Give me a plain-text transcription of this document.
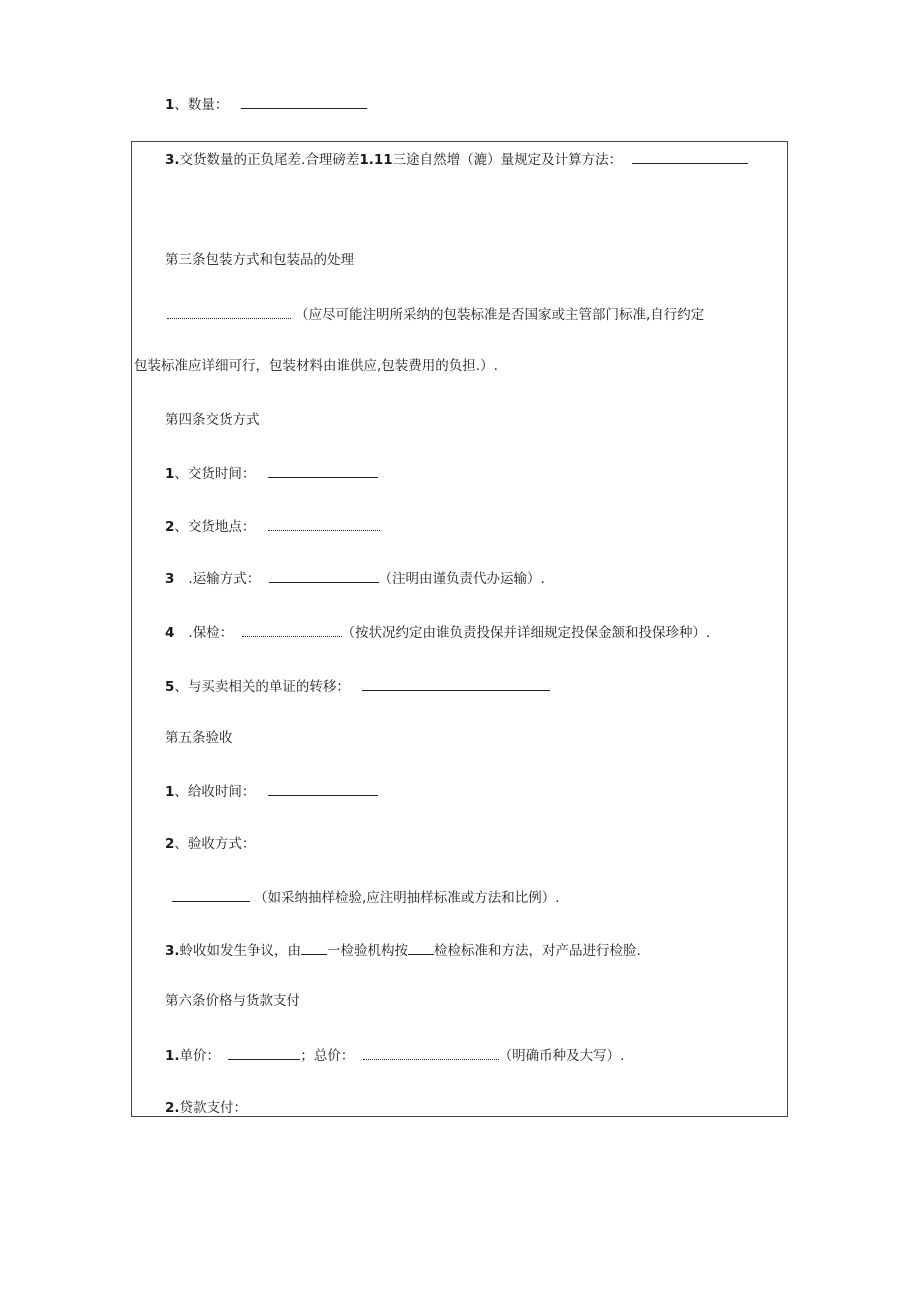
1、数量：
3.交货数量的正负尾差.合理磅差1.11三途自然增（漉）量规定及计算方法：
第三条包装方式和包装品的处理
（应尽可能注明所采纳的包装标准是否国家或主管部门标准,自行约定
包装标准应详细可行，包装材料由谁供应,包装费用的负担.）.
第四条交货方式
1、交货时间：
2、交货地点：
3 .运输方式：	（注明由谨负责代办运输）.
4 .保检：	（按状况约定由谁负责投保并详细规定投保金颔和投保珍种）.
5、与买卖相关的单证的转移：
第五条验收
1、给收时间：
2、验收方式：
（如采纳抽样检验,应注明抽样标准或方法和比例）.
3.蛉收如发生争议，由 一检验机构按 检检标准和方法，对产品进行检脸.
第六条价格与货款支付
1.单价：	；总价：	（明确币种及大写）.
2.贷款支付：
